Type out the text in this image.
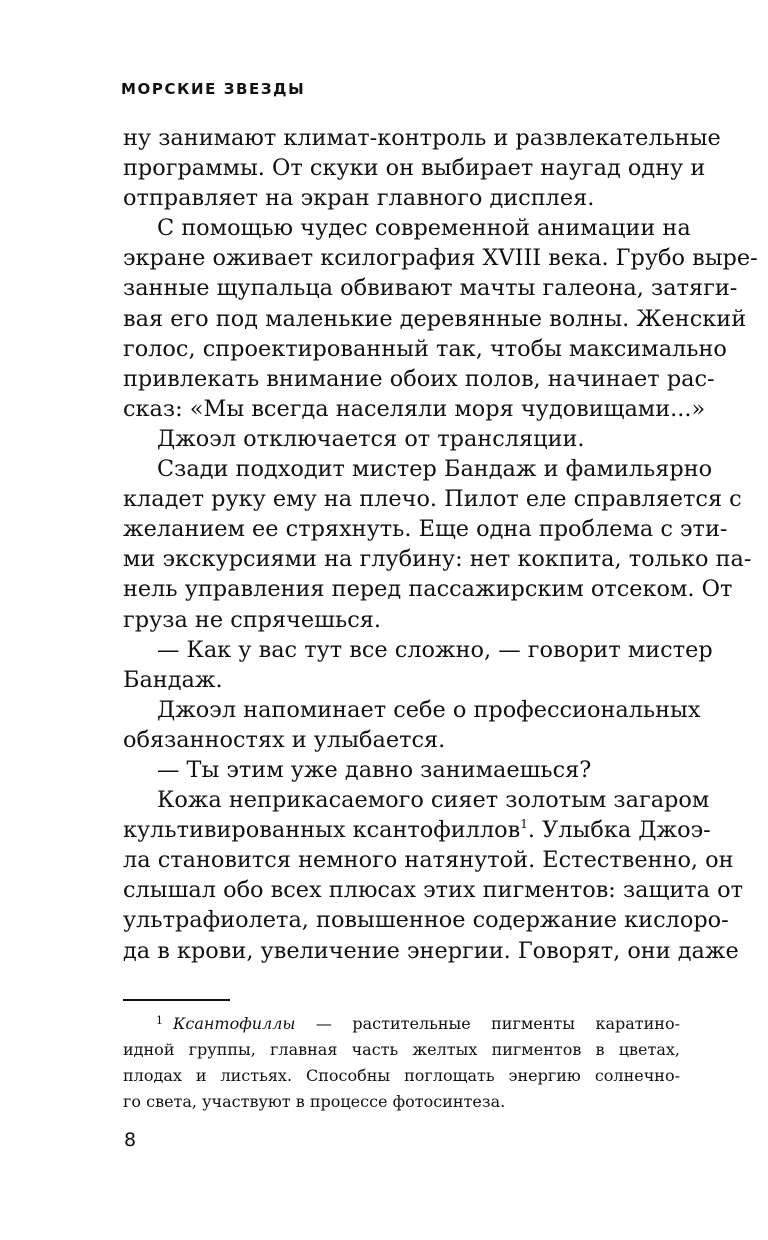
МОРСКИЕ ЗВЕЗДЫ
ну занимают климат-контроль и развлекательные
программы. От скуки он выбирает наугад одну и
отправляет на экран главного дисплея.
С помощью чудес современной анимации на
экране оживает ксилография XVIII века. Грубо выре-
занные щупальца обвивают мачты галеона, затяги-
вая его под маленькие деревянные волны. Женский
голос, спроектированный так, чтобы максимально
привлекать внимание обоих полов, начинает рас-
сказ: «Мы всегда населяли моря чудовищами...»
Джоэл отключается от трансляции.
Сзади подходит мистер Бандаж и фамильярно
кладет руку ему на плечо. Пилот еле справляется с
желанием ее стряхнуть. Еще одна проблема с эти-
ми экскурсиями на глубину: нет кокпита, только па-
нель управления перед пассажирским отсеком. От
груза не спрячешься.
— Как у вас тут все сложно, — говорит мистер
Бандаж.
Джоэл напоминает себе о профессиональных
обязанностях и улыбается.
— Ты этим уже давно занимаешься?
Кожа неприкасаемого сияет золотым загаром
культивированных ксантофиллов$^1$. Улыбка Джоэ-
ла становится немного натянутой. Естественно, он
слышал обо всех плюсах этих пигментов: защита от
ультрафиолета, повышенное содержание кислоро-
да в крови, увеличение энергии. Говорят, они даже
$^1$ Ксантофиллы — растительные пигменты каратино-
идной группы, главная часть желтых пигментов в цветах,
плодах и листьях. Способны поглощать энергию солнечно-
го света, участвуют в процессе фотосинтеза.
8
